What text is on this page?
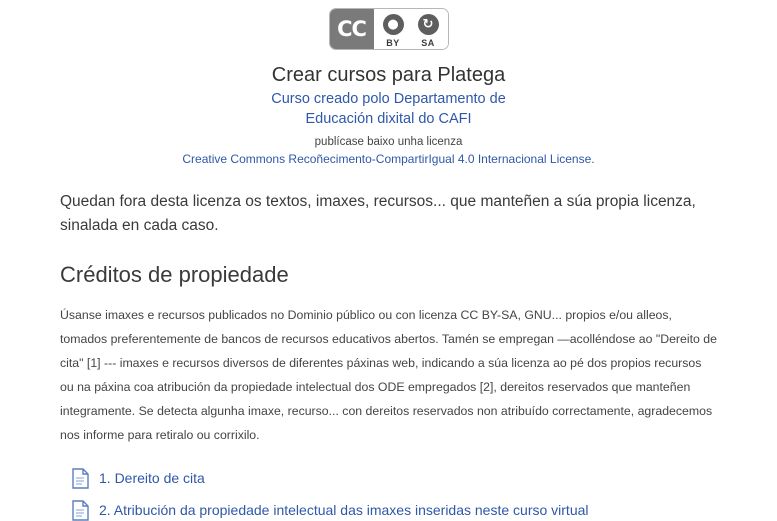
CC	●	↻
BY SA
Crear cursos para Platega
Curso creado polo Departamento de
Educación dixital do CAFI
publícase baixo unha licenza
Creative Commons Recoñecimento-CompartirIgual 4.0 Internacional License.

Quedan fora desta licenza os textos, imaxes, recursos... que manteñen a súa propia licenza, sinalada en cada caso.

Créditos de propiedade

Úsanse imaxes e recursos publicados no Dominio público ou con licenza CC BY-SA, GNU... propios e/ou alleos, tomados preferentemente de bancos de recursos educativos abertos. Tamén se empregan —acolléndose ao "Dereito de cita" [1] --- imaxes e recursos diversos de diferentes páxinas web, indicando a súa licenza ao pé dos propios recursos ou na páxina coa atribución da propiedade intelectual dos ODE empregados [2], dereitos reservados que manteñen integramente. Se detecta algunha imaxe, recurso... con dereitos reservados non atribuído correctamente, agradecemos nos informe para retiralo ou corrixilo.

1. Dereito de cita
2. Atribución da propiedade intelectual das imaxes inseridas neste curso virtual
